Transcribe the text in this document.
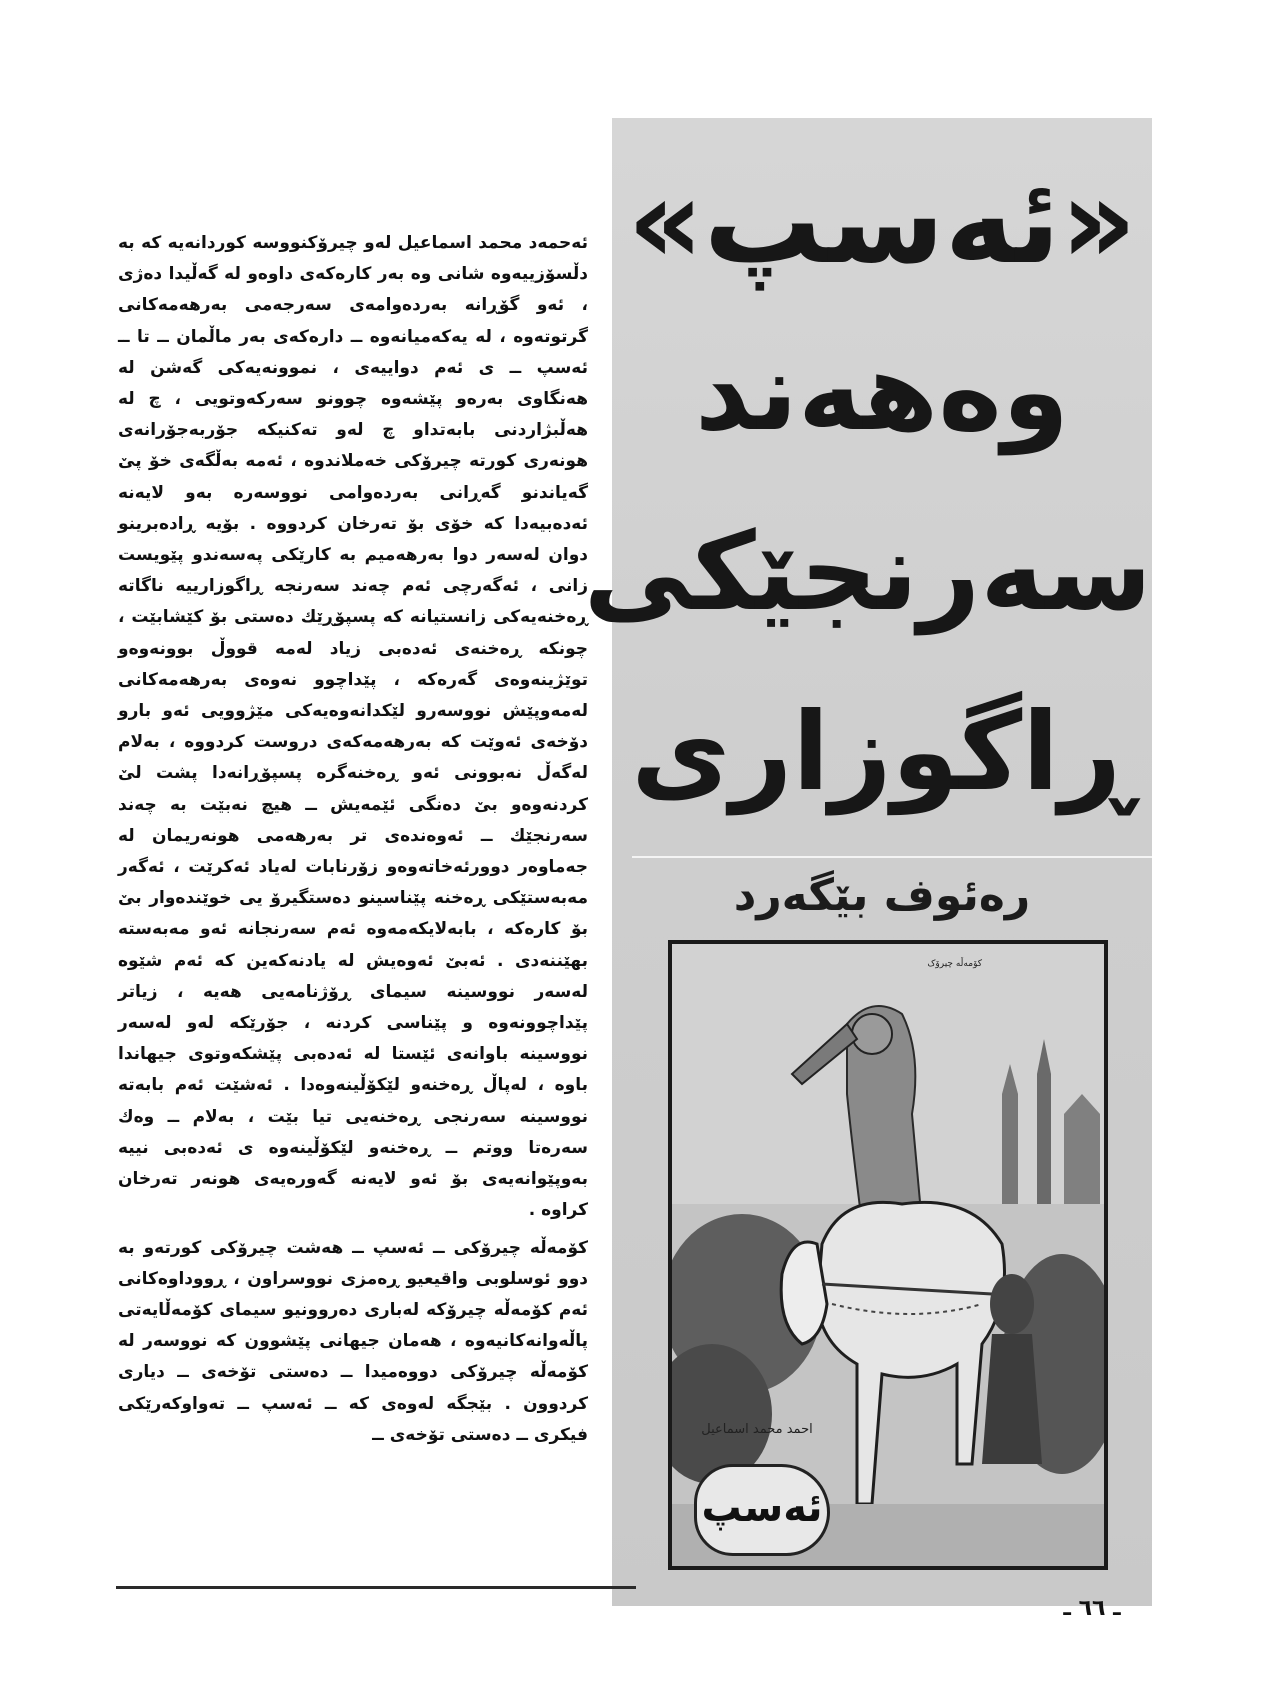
«ئەسپ»
وەهەند
سەرنجێکی
ڕاگوزاری
رەئوف بێگەرد
کۆمەڵە چیرۆک
احمد محمد اسماعيل
ئەسپ

ئەحمەد محمد اسماعیل لەو چیرۆکنووسە کوردانەیە کە بە دڵسۆزییەوە شانی وە بەر کارەکەی داوەو لە گەڵیدا دەژی ، ئەو گۆڕانە بەردەوامەی سەرجەمی بەرهەمەکانی گرتوتەوە ، لە یەکەمیانەوە ــ دارەکەی بەر ماڵمان ــ تا ــ ئەسپ ــ ی ئەم دواییەی ، نموونەیەکی گەشن لە هەنگاوی بەرەو پێشەوە چوونو سەرکەوتویی ، چ لە هەڵبژاردنی بابەتداو چ لەو تەکنیکە جۆربەجۆرانەی هونەری کورتە چیرۆکی خەملاندوە ، ئەمە بەڵگەی خۆ پێ گەیاندنو گەڕانی بەردەوامی نووسەرە بەو لایەنە ئەدەبیەدا کە خۆی بۆ تەرخان کردووە . بۆیە ڕادەبرینو دوان لەسەر دوا بەرهەمیم بە کارێکی پەسەندو پێویست زانی ، ئەگەرچی ئەم چەند سەرنجە ڕاگوزارییە ناگاتە ڕەخنەیەکی زانستیانە کە پسپۆڕێك دەستی بۆ کێشابێت ، چونکە ڕەخنەی ئەدەبی زیاد لەمە قووڵ بوونەوەو توێژینەوەی گەرەکە ، پێداچوو نەوەی بەرهەمەکانی لەمەوپێش نووسەرو لێکدانەوەیەکی مێژوویی ئەو بارو دۆخەی ئەوێت کە بەرهەمەکەی دروست کردووە ، بەلام لەگەڵ نەبوونی ئەو ڕەخنەگرە پسپۆڕانەدا پشت لێ کردنەوەو بێ دەنگی ئێمەیش ــ هیچ نەبێت بە چەند سەرنجێك ــ ئەوەندەی تر بەرهەمی هونەریمان لە جەماوەر دوورئەخاتەوەو زۆرنابات لەیاد ئەکرێت ، ئەگەر مەبەستێکی ڕەخنە پێناسینو دەستگیرۆ یی خوێندەوار بێ بۆ کارەکە ، بابەلایکەمەوە ئەم سەرنجانە ئەو مەبەستە بهێننەدی . ئەبێ ئەوەیش لە یادنەکەین کە ئەم شێوە لەسەر نووسینە سیمای ڕۆژنامەیی هەیە ، زیاتر پێداچوونەوە و پێناسی کردنە ، جۆرێکە لەو لەسەر نووسینە باوانەی ئێستا لە ئەدەبی پێشکەوتوی جیهاندا باوە ، لەپاڵ ڕەخنەو لێکۆڵینەوەدا . ئەشێت ئەم بابەتە نووسینە سەرنجی ڕەخنەیی تیا بێت ، بەلام ــ وەك سەرەتا ووتم ــ ڕەخنەو لێکۆڵینەوە ی ئەدەبی نییە بەوپێوانەیەی بۆ ئەو لایەنە گەورەیەی هونەر تەرخان کراوە .

کۆمەڵە چیرۆکی ــ ئەسپ ــ هەشت چیرۆکی کورتەو بە دوو ئوسلوبی واقیعیو ڕەمزی نووسراون ، ڕووداوەکانی ئەم کۆمەڵە چیرۆکە لەباری دەروونیو سیمای کۆمەڵایەتی پاڵەوانەکانیەوە ، هەمان جیهانی پێشوون کە نووسەر لە کۆمەڵە چیرۆکی دووەمیدا ــ دەستی تۆخەی ــ دیاری کردوون . بێجگە لەوەی کە ــ ئەسپ ــ تەواوکەرێکی فیکری ــ دەستی تۆخەی ــ

ـ ٦٦ ـ
